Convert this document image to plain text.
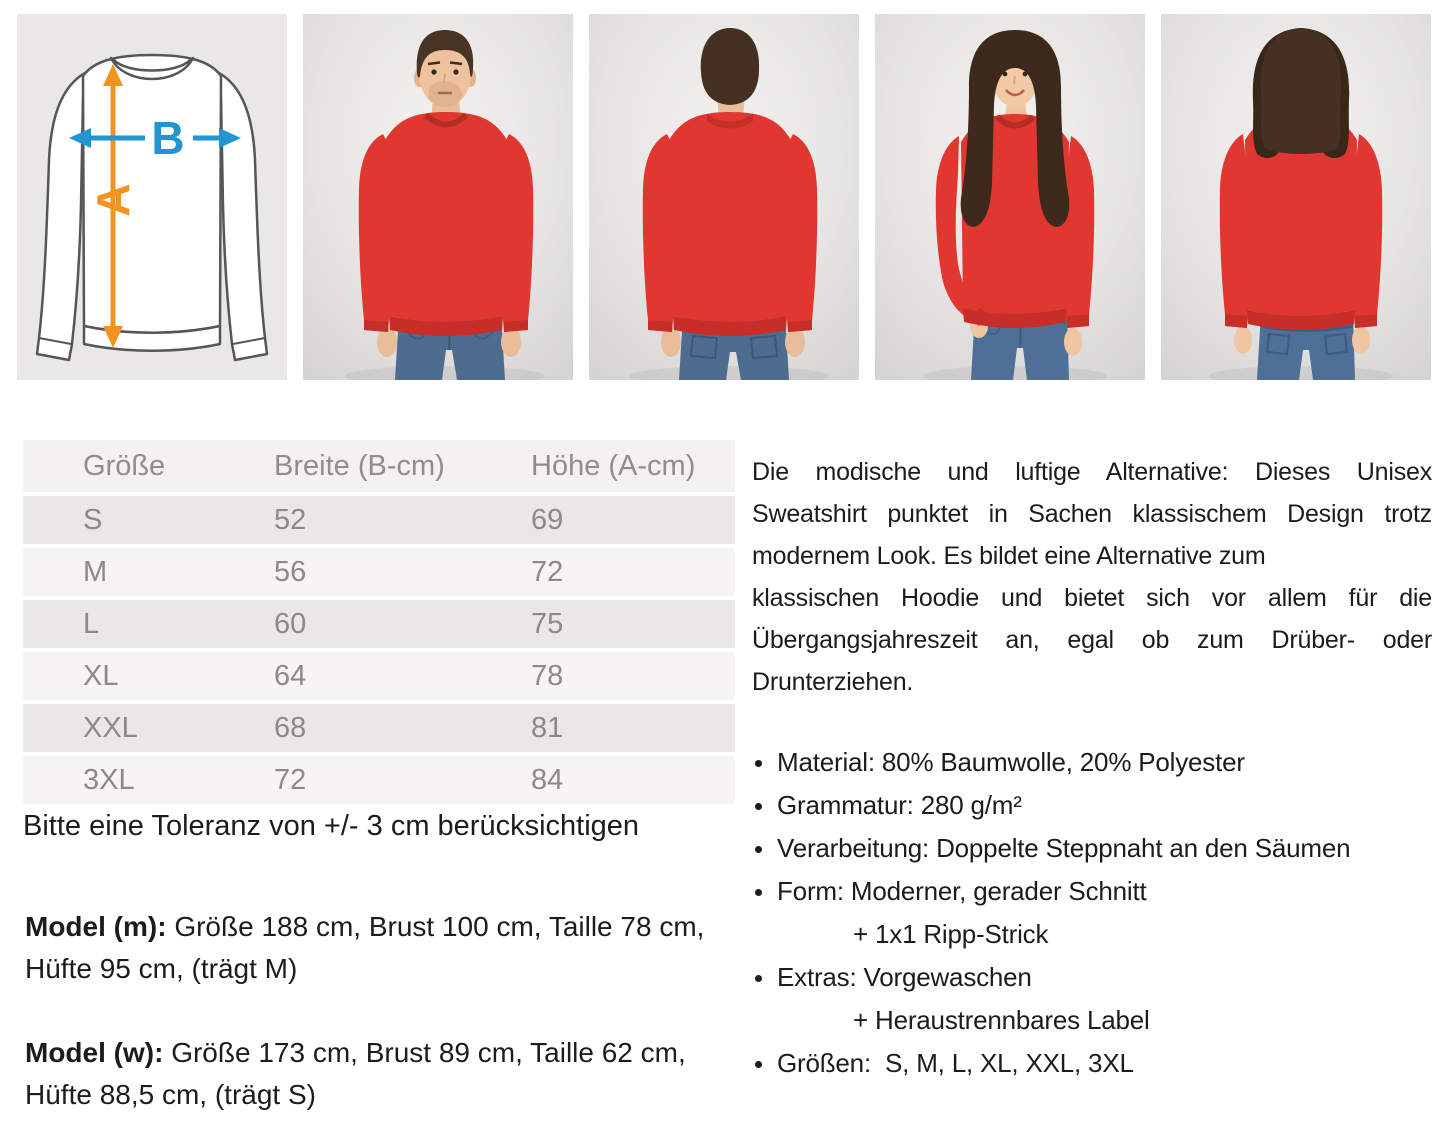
A
B
Größe	Breite (B-cm)	Höhe (A-cm)
S	52	69
M	56	72
L	60	75
XL	64	78
XXL	68	81
3XL	72	84
Bitte eine Toleranz von +/- 3 cm berücksichtigen
Model (m): Größe 188 cm, Brust 100 cm, Taille 78 cm,
Hüfte 95 cm, (trägt M)
Model (w): Größe 173 cm, Brust 89 cm, Taille 62 cm,
Hüfte 88,5 cm, (trägt S)
Die modische und luftige Alternative: Dieses Unisex
Sweatshirt punktet in Sachen klassischem Design trotz
modernem Look. Es bildet eine Alternative zum
klassischen Hoodie und bietet sich vor allem für die
Übergangsjahreszeit an, egal ob zum Drüber- oder
Drunterziehen.
Material: 80% Baumwolle, 20% Polyester
Grammatur: 280 g/m²
Verarbeitung: Doppelte Steppnaht an den Säumen
Form: Moderner, gerader Schnitt
+ 1x1 Ripp-Strick
Extras: Vorgewaschen
+ Heraustrennbares Label
Größen:  S, M, L, XL, XXL, 3XL
